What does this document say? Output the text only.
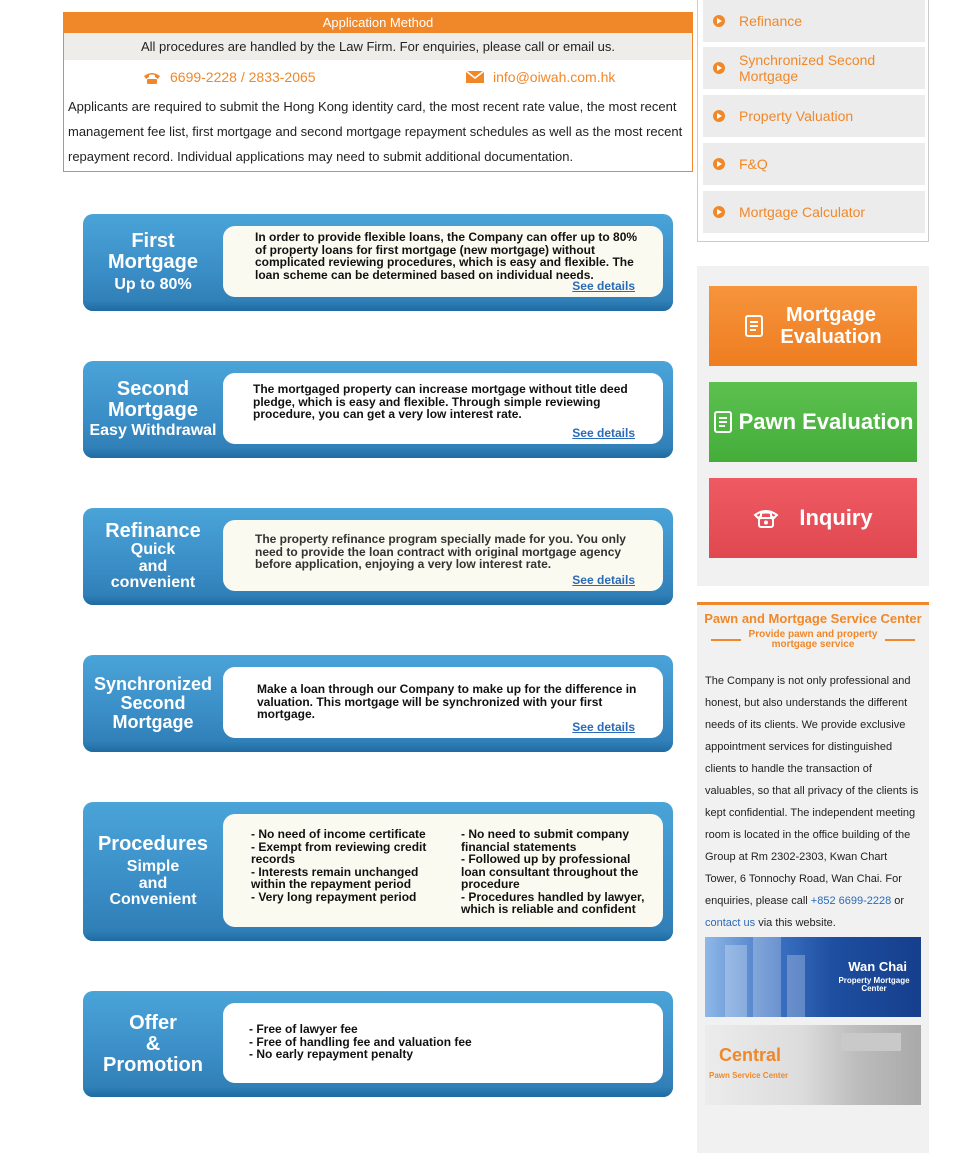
Application Method
All procedures are handled by the Law Firm. For enquiries, please call or email us.
6699-2228 / 2833-2065	info@oiwah.com.hk
Applicants are required to submit the Hong Kong identity card, the most recent rate value, the most recent management fee list, first mortgage and second mortgage repayment schedules as well as the most recent repayment record. Individual applications may need to submit additional documentation.
First
Mortgage
Up to 80%
In order to provide flexible loans, the Company can offer up to 80% of property loans for first mortgage (new mortgage) without complicated reviewing procedures, which is easy and flexible. The loan scheme can be determined based on individual needs.
See details
Second
Mortgage
Easy Withdrawal
The mortgaged property can increase mortgage without title deed pledge, which is easy and flexible. Through simple reviewing procedure, you can get a very low interest rate.
See details
Refinance
Quick
and
convenient
The property refinance program specially made for you. You only need to provide the loan contract with original mortgage agency before application, enjoying a very low interest rate.
See details
Synchronized
Second
Mortgage
Make a loan through our Company to make up for the difference in valuation. This mortgage will be synchronized with your first mortgage.
See details
Procedures
Simple
and
Convenient
- No need of income certificate
- Exempt from reviewing credit records
- Interests remain unchanged within the repayment period
- Very long repayment period
- No need to submit company financial statements
- Followed up by professional loan consultant throughout the procedure
- Procedures handled by lawyer, which is reliable and confident
Offer
&
Promotion
- Free of lawyer fee
- Free of handling fee and valuation fee
- No early repayment penalty
Refinance
Synchronized Second Mortgage
Property Valuation
F&Q
Mortgage Calculator
Mortgage
Evaluation
Pawn Evaluation
Inquiry
Pawn and Mortgage Service Center
Provide pawn and property
mortgage service
The Company is not only professional and honest, but also understands the different needs of its clients. We provide exclusive appointment services for distinguished clients to handle the transaction of valuables, so that all privacy of the clients is kept confidential. The independent meeting room is located in the office building of the Group at Rm 2302-2303, Kwan Chart Tower, 6 Tonnochy Road, Wan Chai. For enquiries, please call +852 6699-2228 or contact us via this website.
Wan Chai
Property Mortgage Center
Central
Pawn Service Center
